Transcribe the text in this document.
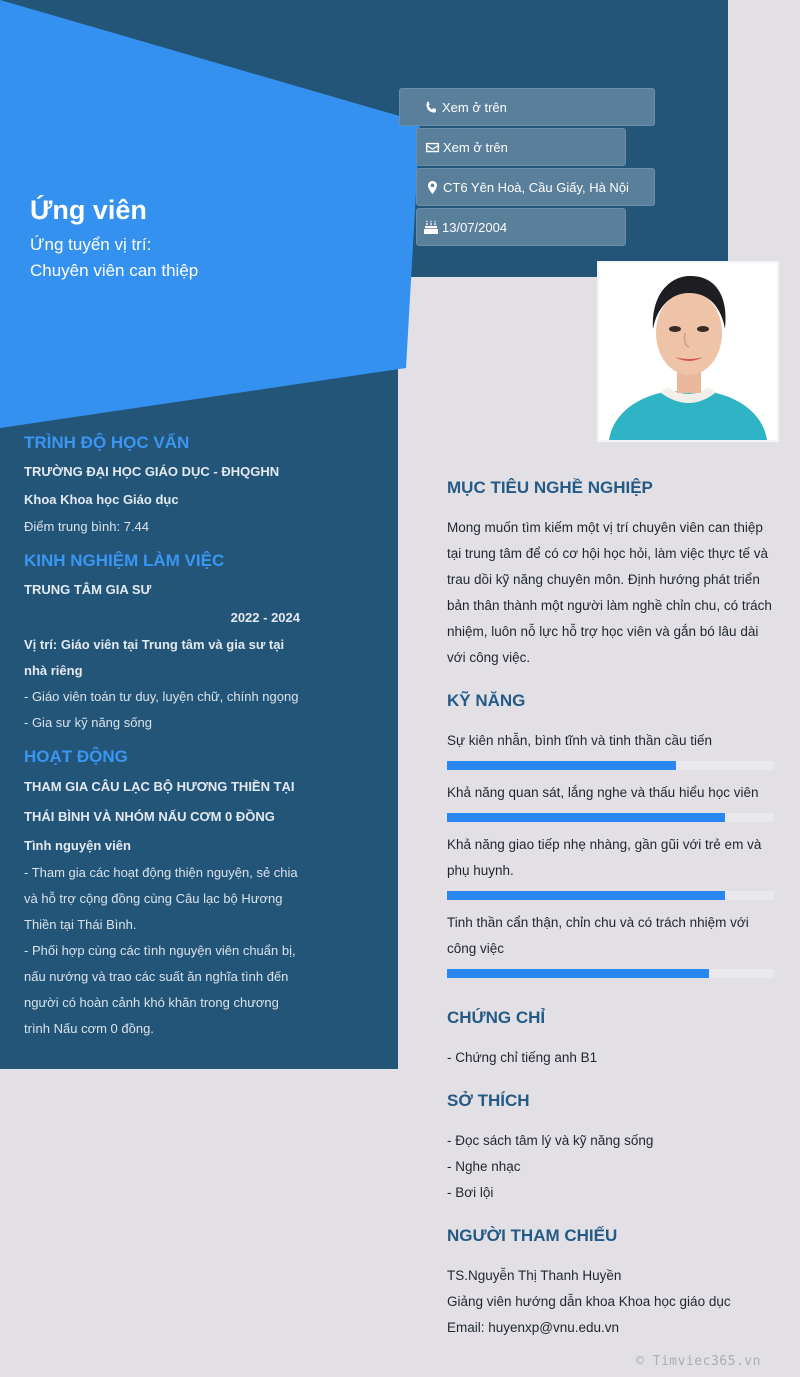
Ứng viên
Ứng tuyển vị trí:
Chuyên viên can thiệp
Xem ở trên
Xem ở trên
CT6 Yên Hoà, Cầu Giấy, Hà Nội
13/07/2004
TRÌNH ĐỘ HỌC VẤN
TRƯỜNG ĐẠI HỌC GIÁO DỤC - ĐHQGHN
Khoa Khoa học Giáo dục
Điểm trung bình: 7.44
KINH NGHIỆM LÀM VIỆC
TRUNG TÂM GIA SƯ
2022 - 2024
Vị trí: Giáo viên tại Trung tâm và gia sư tại nhà riêng
- Giáo viên toán tư duy, luyện chữ, chính ngọng
- Gia sư kỹ năng sống
HOẠT ĐỘNG
THAM GIA CÂU LẠC BỘ HƯƠNG THIỀN TẠI THÁI BÌNH VÀ NHÓM NẤU CƠM 0 ĐỒNG
Tình nguyện viên
- Tham gia các hoạt động thiện nguyện, sẻ chia và hỗ trợ cộng đồng cùng Câu lạc bộ Hương Thiền tại Thái Bình.
- Phối hợp cùng các tình nguyện viên chuẩn bị, nấu nướng và trao các suất ăn nghĩa tình đến người có hoàn cảnh khó khăn trong chương trình Nấu cơm 0 đồng.
MỤC TIÊU NGHỀ NGHIỆP
Mong muốn tìm kiếm một vị trí chuyên viên can thiệp tại trung tâm để có cơ hội học hỏi, làm việc thực tế và trau dồi kỹ năng chuyên môn. Định hướng phát triển bản thân thành một người làm nghề chỉn chu, có trách nhiệm, luôn nỗ lực hỗ trợ học viên và gắn bó lâu dài với công việc.
KỸ NĂNG
Sự kiên nhẫn, bình tĩnh và tinh thần cầu tiến
Khả năng quan sát, lắng nghe và thấu hiểu học viên
Khả năng giao tiếp nhẹ nhàng, gần gũi với trẻ em và phụ huynh.
Tinh thần cẩn thận, chỉn chu và có trách nhiệm với công việc
CHỨNG CHỈ
- Chứng chỉ tiếng anh B1
SỞ THÍCH
- Đọc sách tâm lý và kỹ năng sống
- Nghe nhạc
- Bơi lội
NGƯỜI THAM CHIẾU
TS.Nguyễn Thị Thanh Huyền
Giảng viên hướng dẫn khoa Khoa học giáo dục
Email: huyenxp@vnu.edu.vn
© Timviec365.vn
